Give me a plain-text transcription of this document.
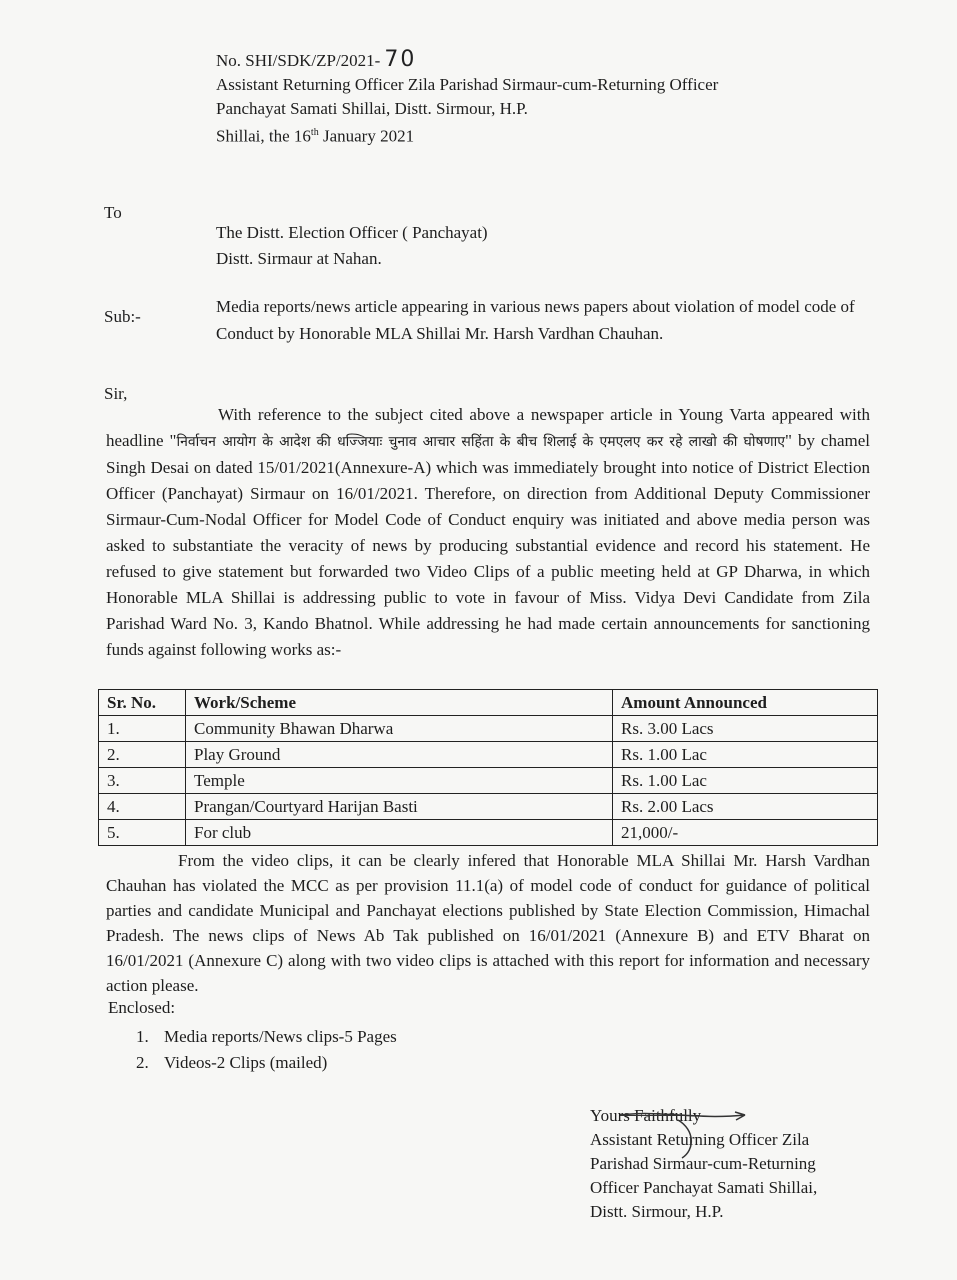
No. SHI/SDK/ZP/2021- 70
Assistant Returning Officer Zila Parishad Sirmaur-cum-Returning Officer
Panchayat Samati Shillai, Distt. Sirmour, H.P.
Shillai, the 16th January 2021
To
The Distt. Election Officer ( Panchayat)
Distt. Sirmaur at Nahan.
Sub:-
Media reports/news article appearing in various news papers about violation of model code of Conduct by Honorable MLA Shillai Mr. Harsh Vardhan Chauhan.
Sir,
With reference to the subject cited above a newspaper article in Young Varta appeared with headline "निर्वाचन आयोग के आदेश की धज्जियाः चुनाव आचार सहिंता के बीच शिलाई के एमएलए कर रहे लाखो की घोषणाए" by chamel Singh Desai on dated 15/01/2021(Annexure-A) which was immediately brought into notice of District Election Officer (Panchayat) Sirmaur on 16/01/2021. Therefore, on direction from Additional Deputy Commissioner Sirmaur-Cum-Nodal Officer for Model Code of Conduct enquiry was initiated and above media person was asked to substantiate the veracity of news by producing substantial evidence and record his statement. He refused to give statement but forwarded two Video Clips of a public meeting held at GP Dharwa, in which Honorable MLA Shillai is addressing public to vote in favour of Miss. Vidya Devi Candidate from Zila Parishad Ward No. 3, Kando Bhatnol. While addressing he had made certain announcements for sanctioning funds against following works as:-
Sr. No.	Work/Scheme	Amount Announced
1.	Community Bhawan Dharwa	Rs. 3.00 Lacs
2.	Play Ground	Rs. 1.00 Lac
3.	Temple	Rs. 1.00 Lac
4.	Prangan/Courtyard Harijan Basti	Rs. 2.00 Lacs
5.	For club	21,000/-
From the video clips, it can be clearly infered that Honorable MLA Shillai Mr. Harsh Vardhan Chauhan has violated the MCC as per provision 11.1(a) of model code of conduct for guidance of political parties and candidate Municipal and Panchayat elections published by State Election Commission, Himachal Pradesh. The news clips of News Ab Tak published on 16/01/2021 (Annexure B) and ETV Bharat on 16/01/2021 (Annexure C) along with two video clips is attached with this report for information and necessary action please.
Enclosed:
1. Media reports/News clips-5 Pages
2. Videos-2 Clips (mailed)
Yours Faithfully
Assistant Returning Officer Zila
Parishad Sirmaur-cum-Returning
Officer Panchayat Samati Shillai,
Distt. Sirmour, H.P.
